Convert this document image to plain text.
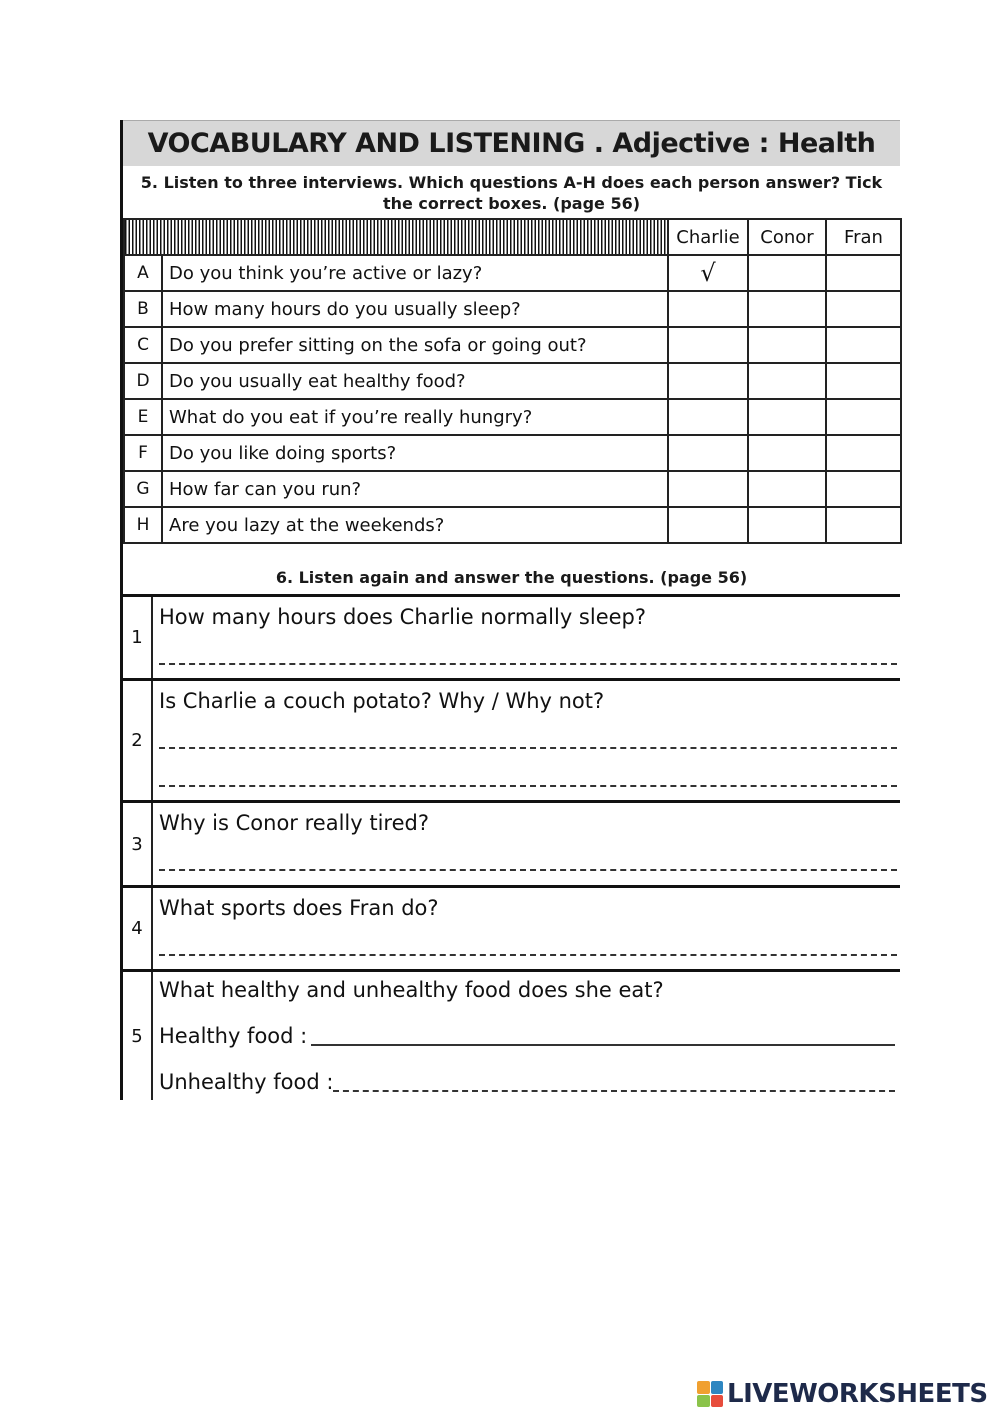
VOCABULARY AND LISTENING . Adjective : Health
5. Listen to three interviews. Which questions A-H does each person answer? Tick
the correct boxes. (page 56)
		Charlie	Conor	Fran
A	Do you think you’re active or lazy?	√		
B	How many hours do you usually sleep?			
C	Do you prefer sitting on the sofa or going out?			
D	Do you usually eat healthy food?			
E	What do you eat if you’re really hungry?			
F	Do you like doing sports?			
G	How far can you run?			
H	Are you lazy at the weekends?			
6. Listen again and answer the questions. (page 56)
1
How many hours does Charlie normally sleep?
2
Is Charlie a couch potato? Why / Why not?
3
Why is Conor really tired?
4
What sports does Fran do?
5
What healthy and unhealthy food does she eat?
Healthy food :
Unhealthy food :
LIVEWORKSHEETS
